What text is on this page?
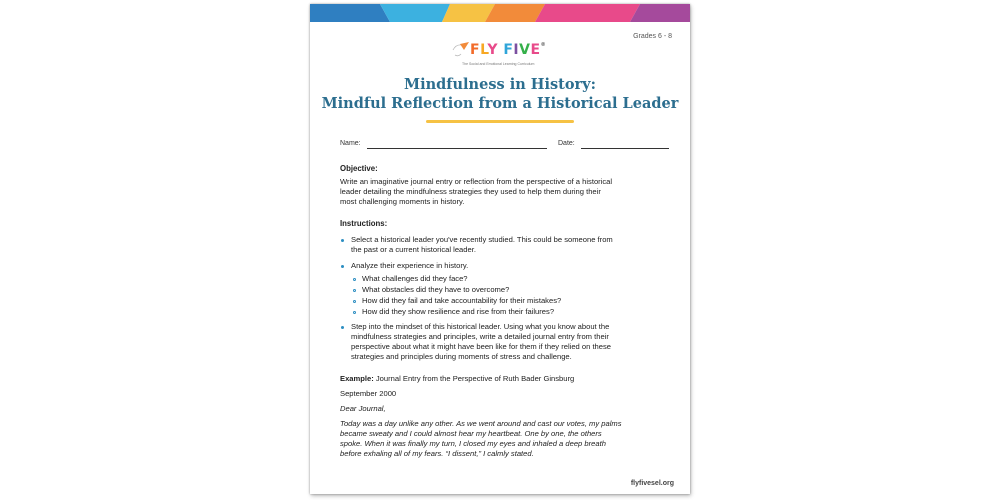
Grades 6 - 8
FLY FIVE®
The Social and Emotional Learning Curriculum
Mindfulness in History:
Mindful Reflection from a Historical Leader
Name:	Date:
Objective:
Write an imaginative journal entry or reflection from the perspective of a historical
leader detailing the mindfulness strategies they used to help them during their
most challenging moments in history.
Instructions:
Select a historical leader you've recently studied. This could be someone from
the past or a current historical leader.
Analyze their experience in history.
What challenges did they face?
What obstacles did they have to overcome?
How did they fail and take accountability for their mistakes?
How did they show resilience and rise from their failures?
Step into the mindset of this historical leader. Using what you know about the
mindfulness strategies and principles, write a detailed journal entry from their
perspective about what it might have been like for them if they relied on these
strategies and principles during moments of stress and challenge.
Example: Journal Entry from the Perspective of Ruth Bader Ginsburg
September 2000
Dear Journal,
Today was a day unlike any other. As we went around and cast our votes, my palms
became sweaty and I could almost hear my heartbeat. One by one, the others
spoke. When it was finally my turn, I closed my eyes and inhaled a deep breath
before exhaling all of my fears. “I dissent,” I calmly stated.
flyfivesel.org
